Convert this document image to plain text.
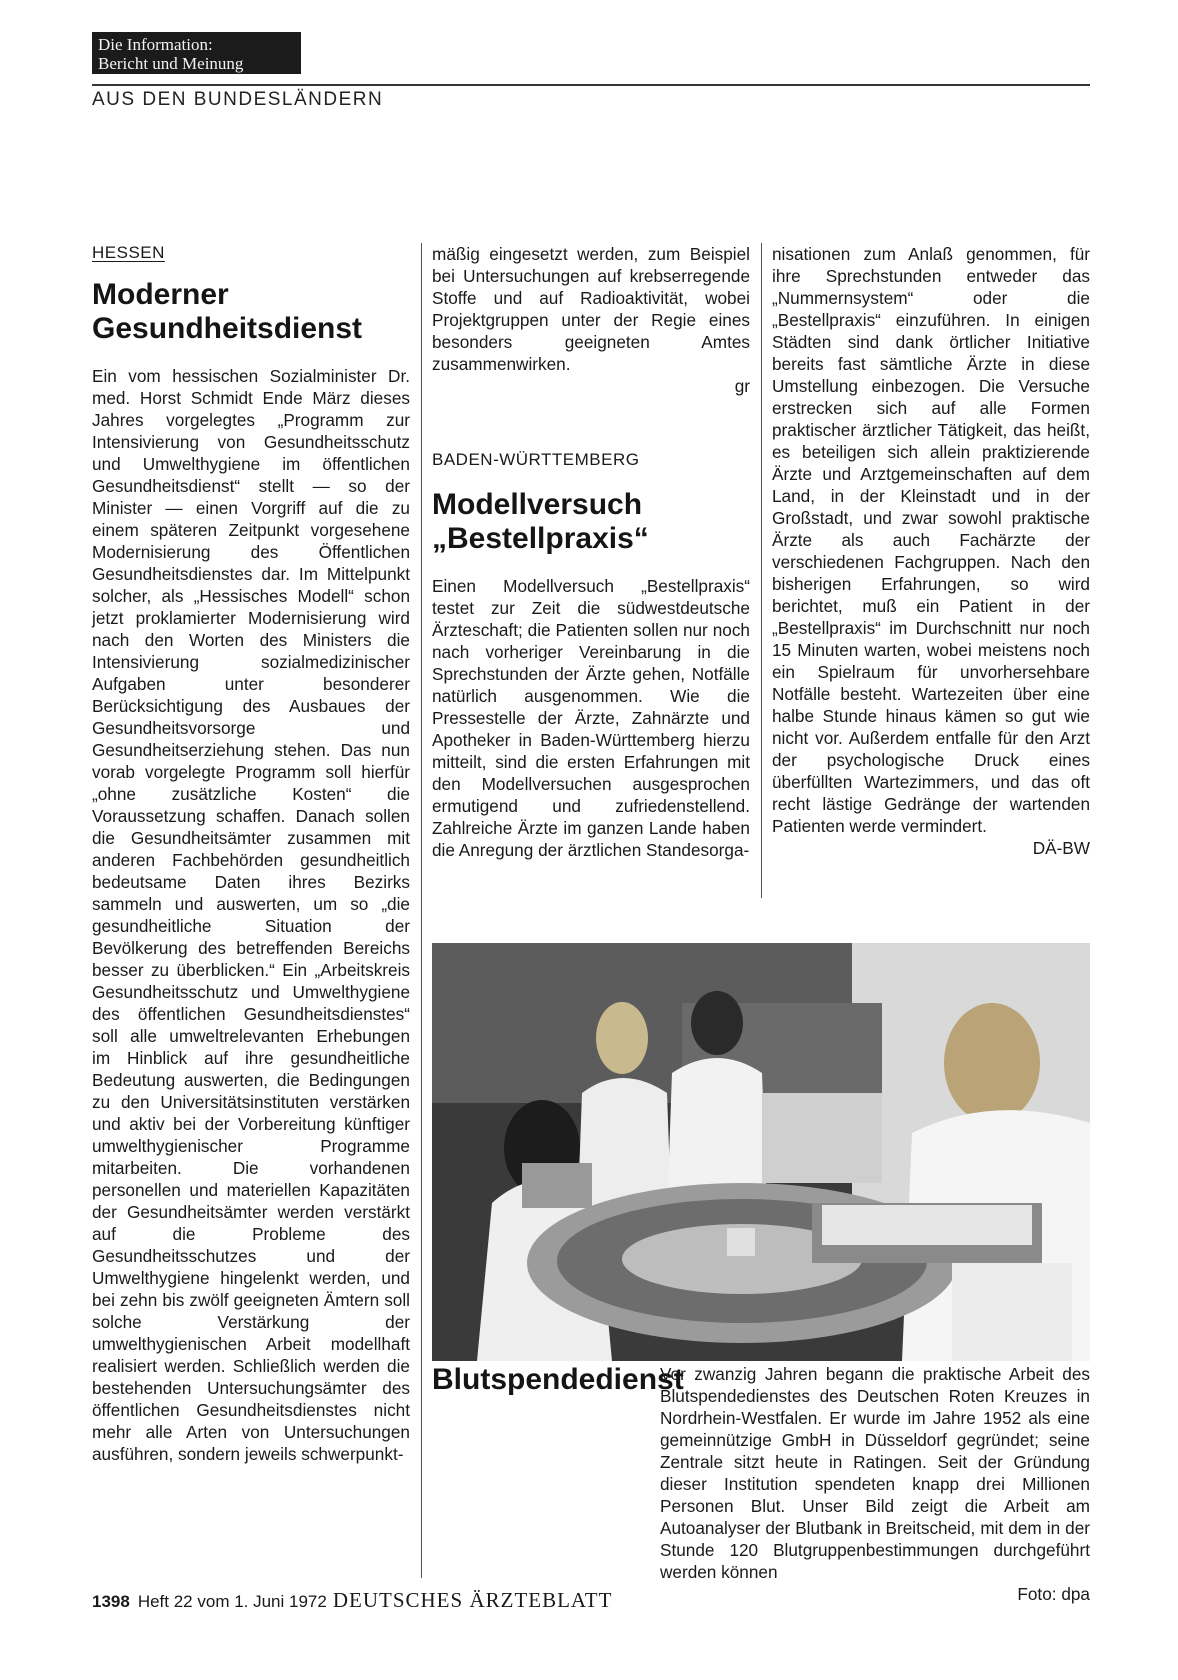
Die Information:
Bericht und Meinung
AUS DEN BUNDESLÄNDERN
HESSEN
Moderner
Gesundheitsdienst

Ein vom hessischen Sozialminister Dr. med. Horst Schmidt Ende März dieses Jahres vorgelegtes „Programm zur Intensivierung von Gesundheitsschutz und Umwelthygiene im öffentlichen Gesundheitsdienst“ stellt — so der Minister — einen Vorgriff auf die zu einem späteren Zeitpunkt vorgesehene Modernisierung des Öffentlichen Gesundheitsdienstes dar. Im Mittelpunkt solcher, als „Hessisches Modell“ schon jetzt proklamierter Modernisierung wird nach den Worten des Ministers die Intensivierung sozialmedizinischer Aufgaben unter besonderer Berücksichtigung des Ausbaues der Gesundheitsvorsorge und Gesundheitserziehung stehen. Das nun vorab vorgelegte Programm soll hierfür „ohne zusätzliche Kosten“ die Voraussetzung schaffen. Danach sollen die Gesundheitsämter zusammen mit anderen Fachbehörden gesundheitlich bedeutsame Daten ihres Bezirks sammeln und auswerten, um so „die gesundheitliche Situation der Bevölkerung des betreffenden Bereichs besser zu überblicken.“ Ein „Arbeitskreis Gesundheitsschutz und Umwelthygiene des öffentlichen Gesundheitsdienstes“ soll alle umweltrelevanten Erhebungen im Hinblick auf ihre gesundheitliche Bedeutung auswerten, die Bedingungen zu den Universitätsinstituten verstärken und aktiv bei der Vorbereitung künftiger umwelthygienischer Programme mitarbeiten. Die vorhandenen personellen und materiellen Kapazitäten der Gesundheitsämter werden verstärkt auf die Probleme des Gesundheitsschutzes und der Umwelthygiene hingelenkt werden, und bei zehn bis zwölf geeigneten Ämtern soll solche Verstärkung der umwelthygienischen Arbeit modellhaft realisiert werden. Schließlich werden die bestehenden Untersuchungsämter des öffentlichen Gesundheitsdienstes nicht mehr alle Arten von Untersuchungen ausführen, sondern jeweils schwerpunkt-

mäßig eingesetzt werden, zum Beispiel bei Untersuchungen auf krebserregende Stoffe und auf Radioaktivität, wobei Projektgruppen unter der Regie eines besonders geeigneten Amtes zusammenwirken.

gr
BADEN-WÜRTTEMBERG
Modellversuch
„Bestellpraxis“

Einen Modellversuch „Bestellpraxis“ testet zur Zeit die südwestdeutsche Ärzteschaft; die Patienten sollen nur noch nach vorheriger Vereinbarung in die Sprechstunden der Ärzte gehen, Notfälle natürlich ausgenommen. Wie die Pressestelle der Ärzte, Zahnärzte und Apotheker in Baden-Württemberg hierzu mitteilt, sind die ersten Erfahrungen mit den Modellversuchen ausgesprochen ermutigend und zufriedenstellend. Zahlreiche Ärzte im ganzen Lande haben die Anregung der ärztlichen Standesorga-

nisationen zum Anlaß genommen, für ihre Sprechstunden entweder das „Nummernsystem“ oder die „Bestellpraxis“ einzuführen. In einigen Städten sind dank örtlicher Initiative bereits fast sämtliche Ärzte in diese Umstellung einbezogen. Die Versuche erstrecken sich auf alle Formen praktischer ärztlicher Tätigkeit, das heißt, es beteiligen sich allein praktizierende Ärzte und Arztgemeinschaften auf dem Land, in der Kleinstadt und in der Großstadt, und zwar sowohl praktische Ärzte als auch Fachärzte der verschiedenen Fachgruppen. Nach den bisherigen Erfahrungen, so wird berichtet, muß ein Patient in der „Bestellpraxis“ im Durchschnitt nur noch 15 Minuten warten, wobei meistens noch ein Spielraum für unvorhersehbare Notfälle besteht. Wartezeiten über eine halbe Stunde hinaus kämen so gut wie nicht vor. Außerdem entfalle für den Arzt der psychologische Druck eines überfüllten Wartezimmers, und das oft recht lästige Gedränge der wartenden Patienten werde vermindert.

DÄ-BW
Blutspendedienst

Vor zwanzig Jahren begann die praktische Arbeit des Blutspendedienstes des Deutschen Roten Kreuzes in Nordrhein-Westfalen. Er wurde im Jahre 1952 als eine gemeinnützige GmbH in Düsseldorf gegründet; seine Zentrale sitzt heute in Ratingen. Seit der Gründung dieser Institution spendeten knapp drei Millionen Personen Blut. Unser Bild zeigt die Arbeit am Autoanalyser der Blutbank in Breitscheid, mit dem in der Stunde 120 Blutgruppenbestimmungen durchgeführt werden können

Foto: dpa
1398 Heft 22 vom 1. Juni 1972 DEUTSCHES ÄRZTEBLATT
